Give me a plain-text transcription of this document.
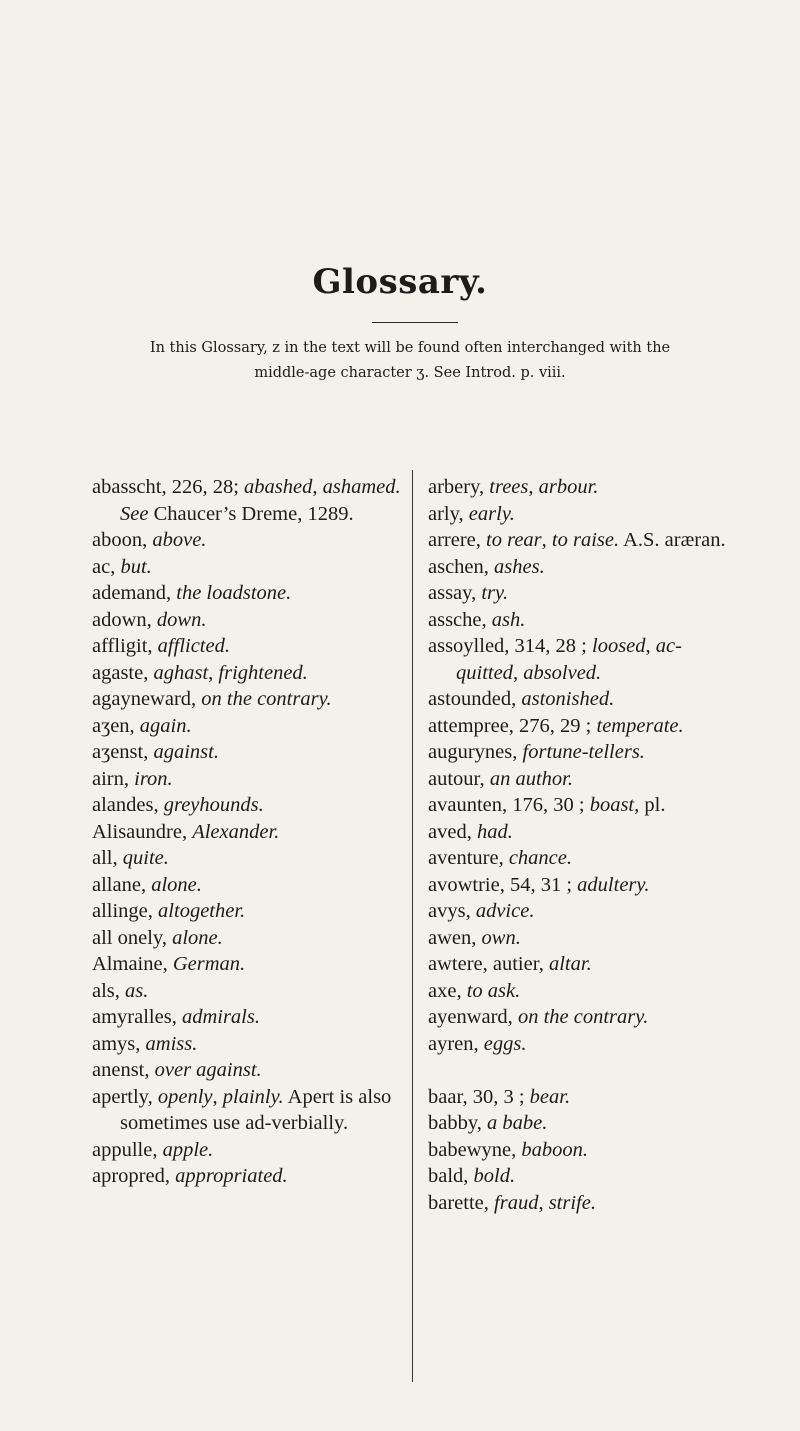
Glossary.
In this Glossary, z in the text will be found often interchanged with the middle-age character ʒ. See Introd. p. viii.
abasscht, 226, 28; abashed, ashamed. See Chaucer’s Dreme, 1289.
aboon, above.
ac, but.
ademand, the loadstone.
adown, down.
affligit, afflicted.
agaste, aghast, frightened.
agayneward, on the contrary.
aʒen, again.
aʒenst, against.
airn, iron.
alandes, greyhounds.
Alisaundre, Alexander.
all, quite.
allane, alone.
allinge, altogether.
all onely, alone.
Almaine, German.
als, as.
amyralles, admirals.
amys, amiss.
anenst, over against.
apertly, openly, plainly. Apert is also sometimes use ad-verbially.
appulle, apple.
apropred, appropriated.
arbery, trees, arbour.
arly, early.
arrere, to rear, to raise. A.S. aræran.
aschen, ashes.
assay, try.
assche, ash.
assoylled, 314, 28 ; loosed, ac-quitted, absolved.
astounded, astonished.
attempree, 276, 29 ; temperate.
augurynes, fortune-tellers.
autour, an author.
avaunten, 176, 30 ; boast, pl.
aved, had.
aventure, chance.
avowtrie, 54, 31 ; adultery.
avys, advice.
awen, own.
awtere, autier, altar.
axe, to ask.
ayenward, on the contrary.
ayren, eggs.
baar, 30, 3 ; bear.
babby, a babe.
babewyne, baboon.
bald, bold.
barette, fraud, strife.
